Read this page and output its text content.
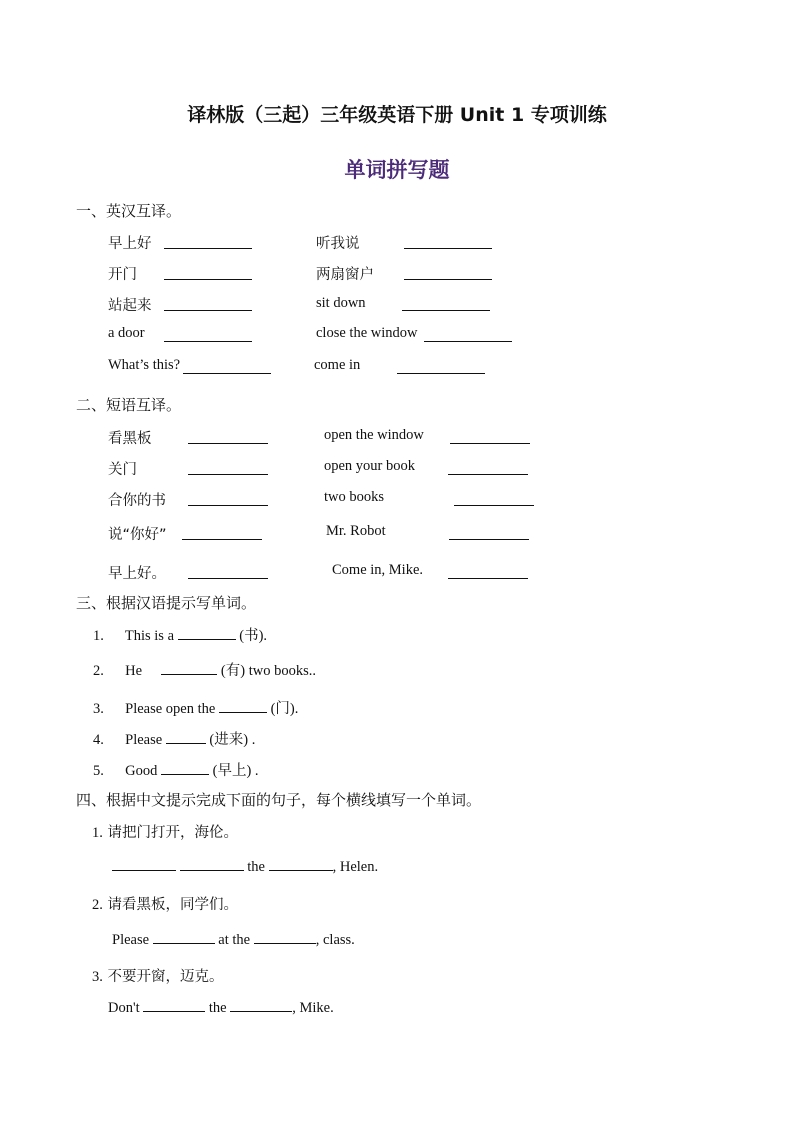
译林版（三起）三年级英语下册 Unit 1 专项训练
单词拼写题
一、英汉互译。
早上好	听我说
开门	两扇窗户
站起来	sit down
a door	close the window
What’s this?	come in
二、短语互译。
看黑板	open the window
关门	open your book
合你的书	two books
说“你好”	Mr. Robot
早上好。	Come in, Mike.
三、根据汉语提示写单词。
1. This is a	(书).
2. He	(有) two books..
3. Please open the	(门).
4. Please	(进来) .
5. Good	(早上) .
四、根据中文提示完成下面的句子，每个横线填写一个单词。
1. 请把门打开，海伦。
the	, Helen.
2. 请看黑板，同学们。
Please	at the	, class.
3. 不要开窗，迈克。
Don't	the	, Mike.
